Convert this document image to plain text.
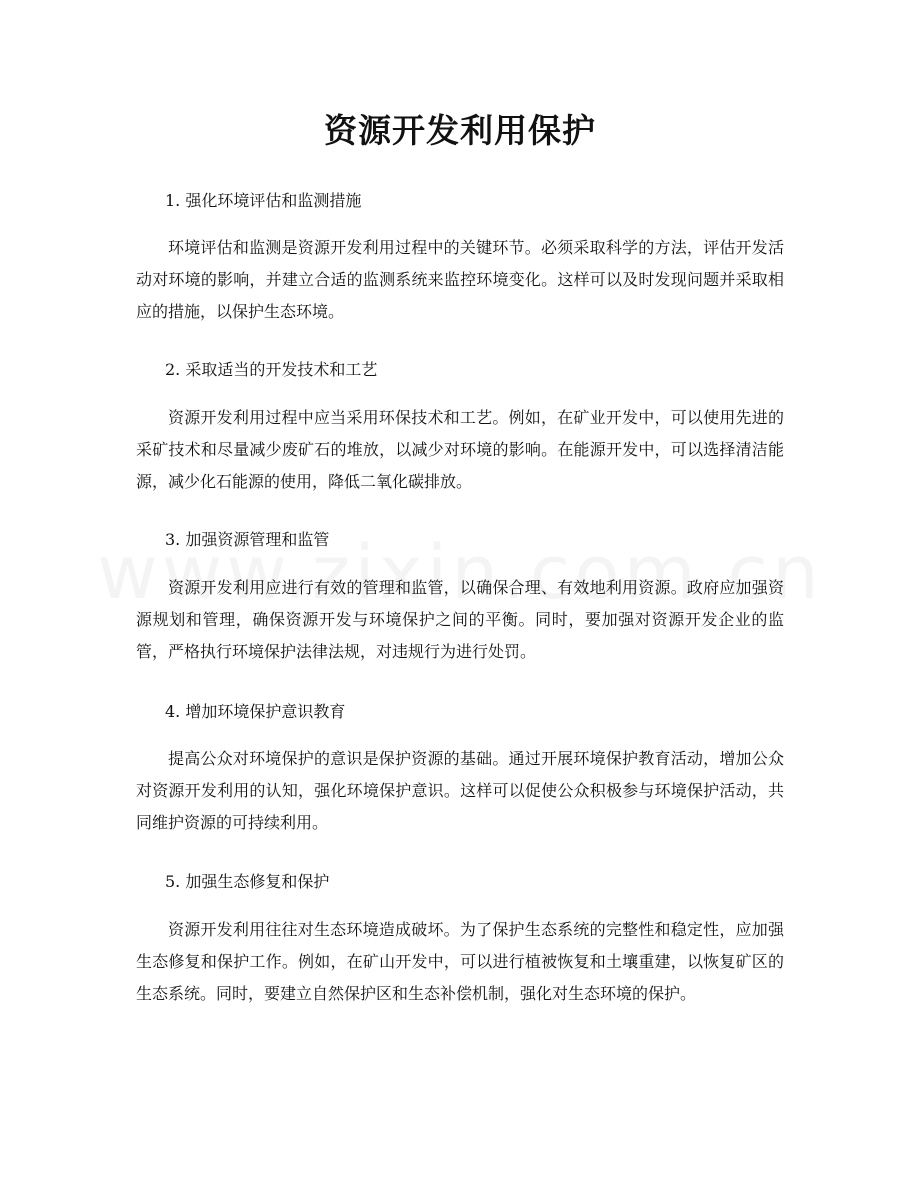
资源开发利用保护

1. 强化环境评估和监测措施

环境评估和监测是资源开发利用过程中的关键环节。必须采取科学的方法，评估开发活动对环境的影响，并建立合适的监测系统来监控环境变化。这样可以及时发现问题并采取相应的措施，以保护生态环境。

2. 采取适当的开发技术和工艺

资源开发利用过程中应当采用环保技术和工艺。例如，在矿业开发中，可以使用先进的采矿技术和尽量减少废矿石的堆放，以减少对环境的影响。在能源开发中，可以选择清洁能源，减少化石能源的使用，降低二氧化碳排放。

3. 加强资源管理和监管

资源开发利用应进行有效的管理和监管，以确保合理、有效地利用资源。政府应加强资源规划和管理，确保资源开发与环境保护之间的平衡。同时，要加强对资源开发企业的监管，严格执行环境保护法律法规，对违规行为进行处罚。

4. 增加环境保护意识教育

提高公众对环境保护的意识是保护资源的基础。通过开展环境保护教育活动，增加公众对资源开发利用的认知，强化环境保护意识。这样可以促使公众积极参与环境保护活动，共同维护资源的可持续利用。

5. 加强生态修复和保护

资源开发利用往往对生态环境造成破坏。为了保护生态系统的完整性和稳定性，应加强生态修复和保护工作。例如，在矿山开发中，可以进行植被恢复和土壤重建，以恢复矿区的生态系统。同时，要建立自然保护区和生态补偿机制，强化对生态环境的保护。
